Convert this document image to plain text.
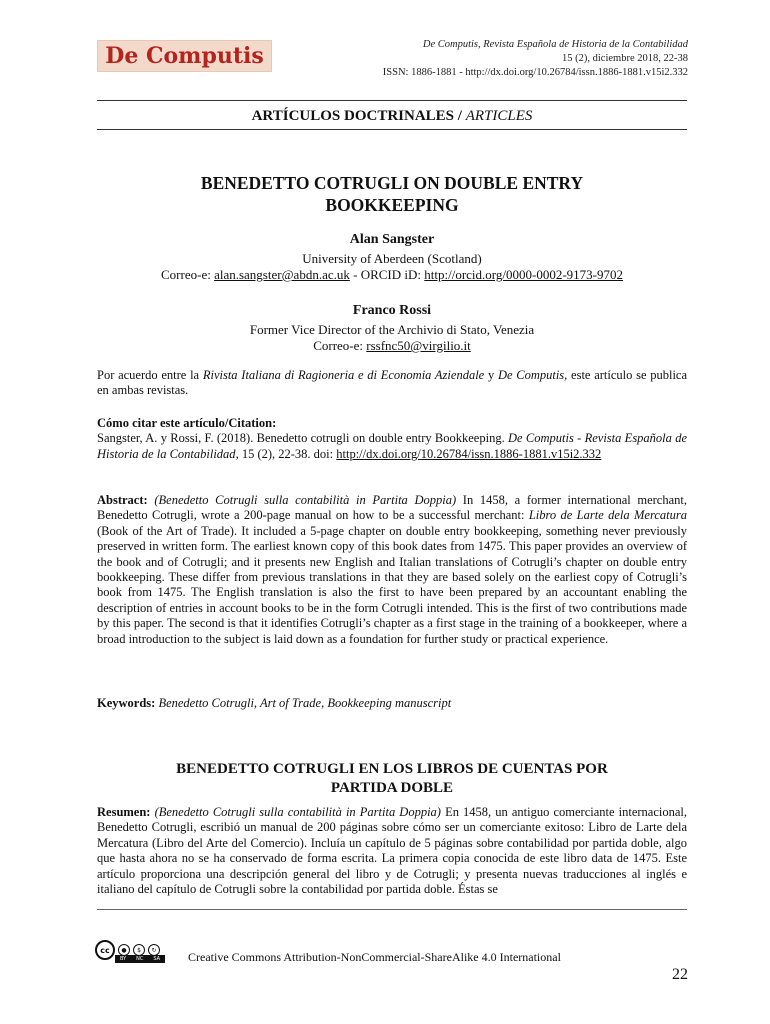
De Computis	De Computis, Revista Española de Historia de la Contabilidad
15 (2), diciembre 2018, 22-38
ISSN: 1886-1881 - http://dx.doi.org/10.26784/issn.1886-1881.v15i2.332
ARTÍCULOS DOCTRINALES / ARTICLES
BENEDETTO COTRUGLI ON DOUBLE ENTRY
BOOKKEEPING
Alan Sangster
University of Aberdeen (Scotland)
Correo-e: alan.sangster@abdn.ac.uk - ORCID iD: http://orcid.org/0000-0002-9173-9702
Franco Rossi
Former Vice Director of the Archivio di Stato, Venezia
Correo-e: rssfnc50@virgilio.it
Por acuerdo entre la Rivista Italiana di Ragioneria e di Economia Aziendale y De Computis, este artículo se publica en ambas revistas.
Cómo citar este artículo/Citation:
Sangster, A. y Rossi, F. (2018). Benedetto cotrugli on double entry Bookkeeping. De Computis - Revista Española de Historia de la Contabilidad, 15 (2), 22-38. doi: http://dx.doi.org/10.26784/issn.1886-1881.v15i2.332
Abstract: (Benedetto Cotrugli sulla contabilità in Partita Doppia) In 1458, a former international merchant, Benedetto Cotrugli, wrote a 200-page manual on how to be a successful merchant: Libro de Larte dela Mercatura (Book of the Art of Trade). It included a 5-page chapter on double entry bookkeeping, something never previously preserved in written form. The earliest known copy of this book dates from 1475. This paper provides an overview of the book and of Cotrugli; and it presents new English and Italian translations of Cotrugli’s chapter on double entry bookkeeping. These differ from previous translations in that they are based solely on the earliest copy of Cotrugli’s book from 1475. The English translation is also the first to have been prepared by an accountant enabling the description of entries in account books to be in the form Cotrugli intended. This is the first of two contributions made by this paper. The second is that it identifies Cotrugli’s chapter as a first stage in the training of a bookkeeper, where a broad introduction to the subject is laid down as a foundation for further study or practical experience.
Keywords: Benedetto Cotrugli, Art of Trade, Bookkeeping manuscript
BENEDETTO COTRUGLI EN LOS LIBROS DE CUENTAS POR
PARTIDA DOBLE
Resumen: (Benedetto Cotrugli sulla contabilità in Partita Doppia) En 1458, un antiguo comerciante internacional, Benedetto Cotrugli, escribió un manual de 200 páginas sobre cómo ser un comerciante exitoso: Libro de Larte dela Mercatura (Libro del Arte del Comercio). Incluía un capítulo de 5 páginas sobre contabilidad por partida doble, algo que hasta ahora no se ha conservado de forma escrita. La primera copia conocida de este libro data de 1475. Este artículo proporciona una descripción general del libro y de Cotrugli; y presenta nuevas traducciones al inglés e italiano del capítulo de Cotrugli sobre la contabilidad por partida doble. Éstas se
cc	●	$	↻
BY NC SA Creative Commons Attribution-NonCommercial-ShareAlike 4.0 International
22
